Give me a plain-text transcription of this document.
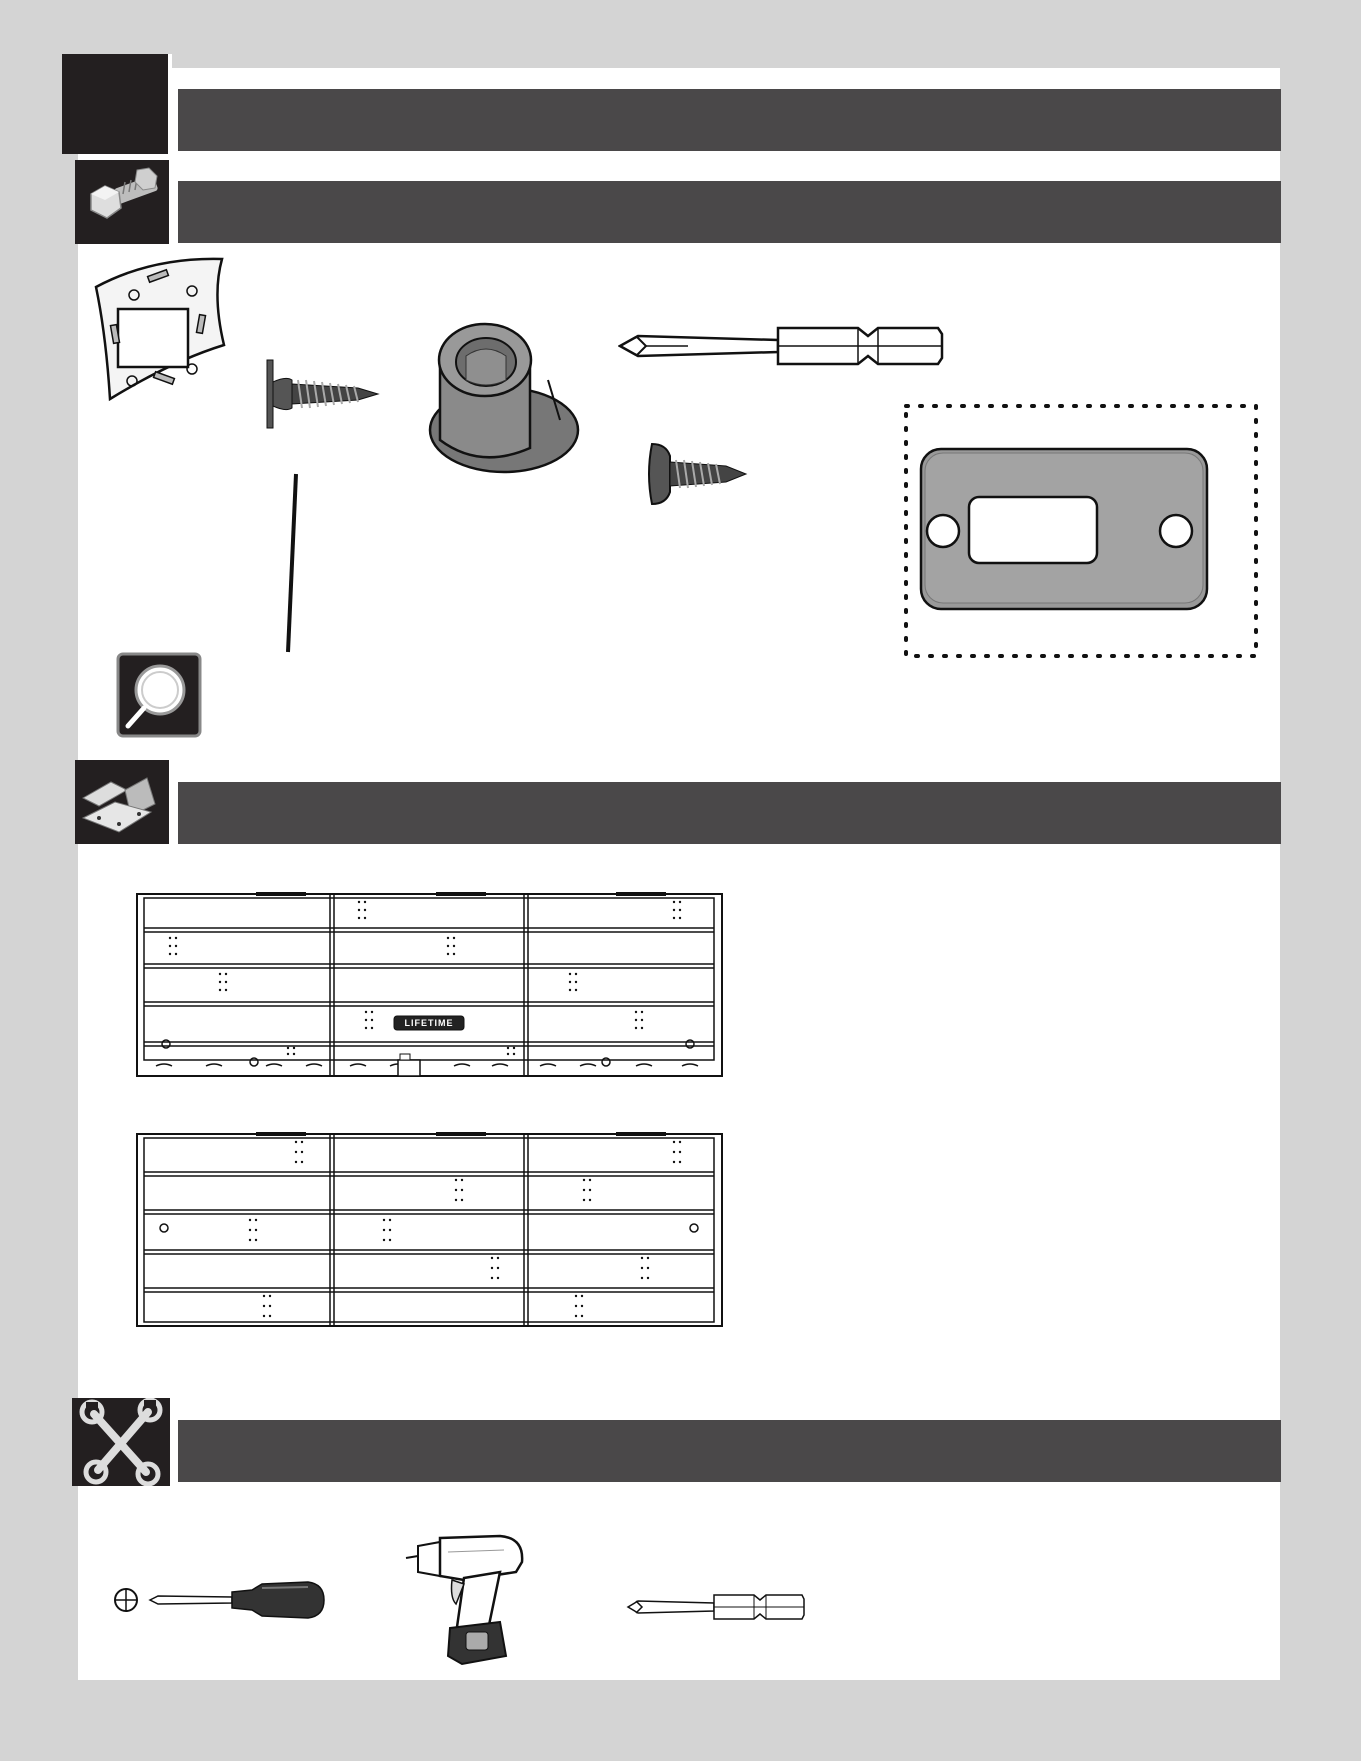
LIFETIME
